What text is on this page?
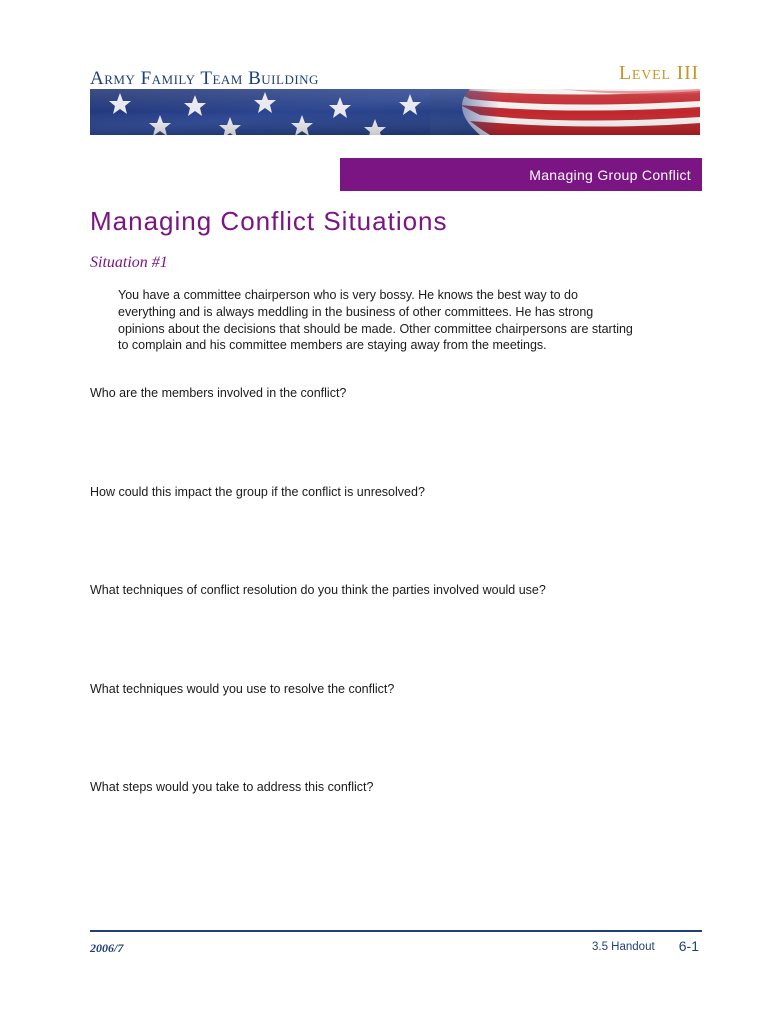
Army Family Team Building	Level III
Managing Group Conflict
Managing Conflict Situations
Situation #1

You have a committee chairperson who is very bossy. He knows the best way to do everything and is always meddling in the business of other committees. He has strong opinions about the decisions that should be made. Other committee chairpersons are starting to complain and his committee members are staying away from the meetings.

Who are the members involved in the conflict?

How could this impact the group if the conflict is unresolved?

What techniques of conflict resolution do you think the parties involved would use?

What techniques would you use to resolve the conflict?

What steps would you take to address this conflict?

2006/7	3.5 Handout 6-1
